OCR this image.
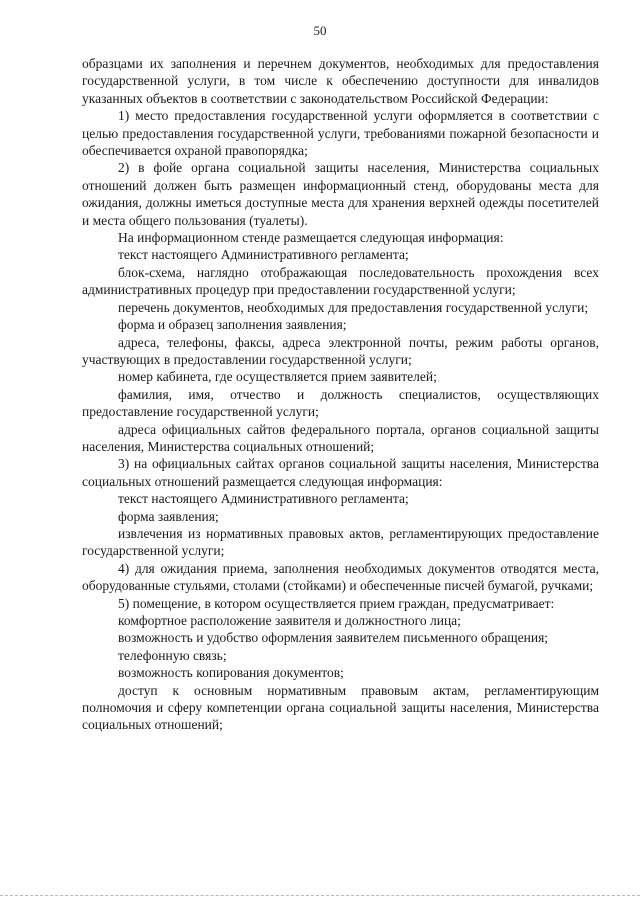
50

образцами их заполнения и перечнем документов, необходимых для предоставления государственной услуги, в том числе к обеспечению доступности для инвалидов указанных объектов в соответствии с законодательством Российской Федерации:

1) место предоставления государственной услуги оформляется в соответствии с целью предоставления государственной услуги, требованиями пожарной безопасности и обеспечивается охраной правопорядка;

2) в фойе органа социальной защиты населения, Министерства социальных отношений должен быть размещен информационный стенд, оборудованы места для ожидания, должны иметься доступные места для хранения верхней одежды посетителей и места общего пользования (туалеты).

На информационном стенде размещается следующая информация:

текст настоящего Административного регламента;

блок-схема, наглядно отображающая последовательность прохождения всех административных процедур при предоставлении государственной услуги;

перечень документов, необходимых для предоставления государственной услуги;

форма и образец заполнения заявления;

адреса, телефоны, факсы, адреса электронной почты, режим работы органов, участвующих в предоставлении государственной услуги;

номер кабинета, где осуществляется прием заявителей;

фамилия, имя, отчество и должность специалистов, осуществляющих предоставление государственной услуги;

адреса официальных сайтов федерального портала, органов социальной защиты населения, Министерства социальных отношений;

3) на официальных сайтах органов социальной защиты населения, Министерства социальных отношений размещается следующая информация:

текст настоящего Административного регламента;

форма заявления;

извлечения из нормативных правовых актов, регламентирующих предоставление государственной услуги;

4) для ожидания приема, заполнения необходимых документов отводятся места, оборудованные стульями, столами (стойками) и обеспеченные писчей бумагой, ручками;

5) помещение, в котором осуществляется прием граждан, предусматривает:

комфортное расположение заявителя и должностного лица;

возможность и удобство оформления заявителем письменного обращения;

телефонную связь;

возможность копирования документов;

доступ к основным нормативным правовым актам, регламентирующим полномочия и сферу компетенции органа социальной защиты населения, Министерства социальных отношений;
